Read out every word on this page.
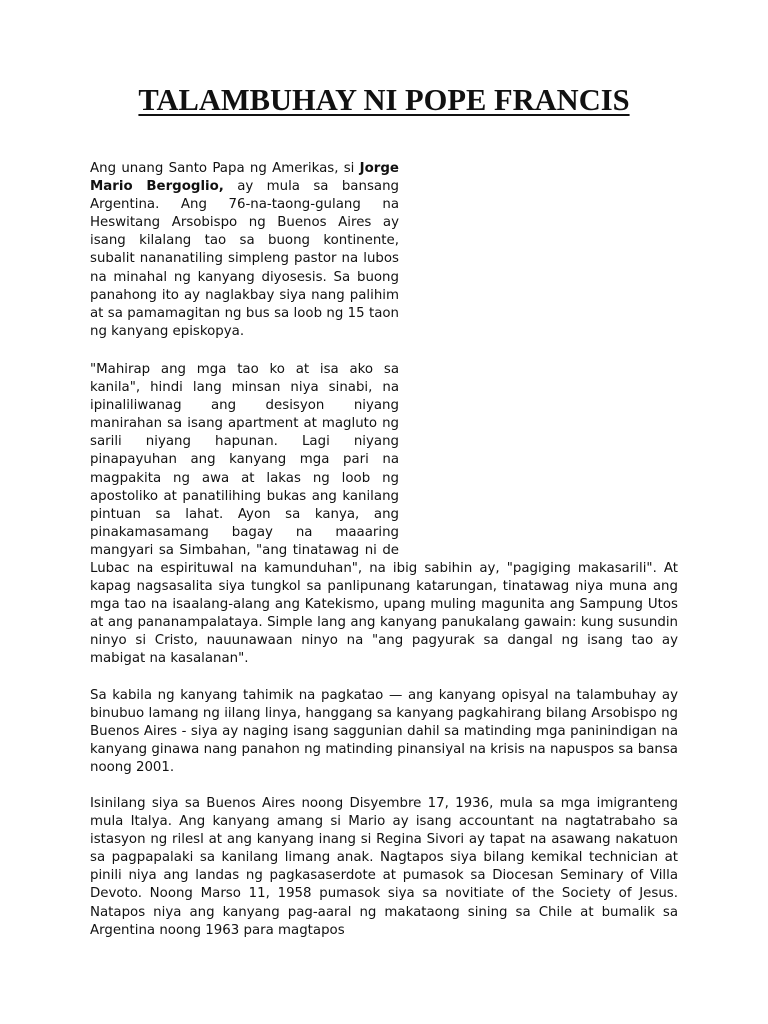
TALAMBUHAY NI POPE FRANCIS

Ang unang Santo Papa ng Amerikas, si Jorge Mario Bergoglio, ay mula sa bansang Argentina. Ang 76-na-taong-gulang na Heswitang Arsobispo ng Buenos Aires ay isang kilalang tao sa buong kontinente, subalit nananatiling simpleng pastor na lubos na minahal ng kanyang diyosesis. Sa buong panahong ito ay naglakbay siya nang palihim at sa pamamagitan ng bus sa loob ng 15 taon ng kanyang episkopya.

"Mahirap ang mga tao ko at isa ako sa kanila", hindi lang minsan niya sinabi, na ipinaliliwanag ang desisyon niyang manirahan sa isang apartment at magluto ng sarili niyang hapunan. Lagi niyang pinapayuhan ang kanyang mga pari na magpakita ng awa at lakas ng loob ng apostoliko at panatilihing bukas ang kanilang pintuan sa lahat. Ayon sa kanya, ang pinakamasamang bagay na maaaring mangyari sa Simbahan, "ang tinatawag ni de Lubac na espirituwal na kamunduhan", na ibig sabihin ay, "pagiging makasarili". At kapag nagsasalita siya tungkol sa panlipunang katarungan, tinatawag niya muna ang mga tao na isaalang-alang ang Katekismo, upang muling magunita ang Sampung Utos at ang pananampalataya. Simple lang ang kanyang panukalang gawain: kung susundin ninyo si Cristo, nauunawaan ninyo na "ang pagyurak sa dangal ng isang tao ay mabigat na kasalanan".

Sa kabila ng kanyang tahimik na pagkatao — ang kanyang opisyal na talambuhay ay binubuo lamang ng iilang linya, hanggang sa kanyang pagkahirang bilang Arsobispo ng Buenos Aires - siya ay naging isang saggunian dahil sa matinding mga paninindigan na kanyang ginawa nang panahon ng matinding pinansiyal na krisis na napuspos sa bansa noong 2001.

Isinilang siya sa Buenos Aires noong Disyembre 17, 1936, mula sa mga imigranteng mula Italya. Ang kanyang amang si Mario ay isang accountant na nagtatrabaho sa istasyon ng rilesl at ang kanyang inang si Regina Sivori ay tapat na asawang nakatuon sa pagpapalaki sa kanilang limang anak. Nagtapos siya bilang kemikal technician at pinili niya ang landas ng pagkasaserdote at pumasok sa Diocesan Seminary of Villa Devoto. Noong Marso 11, 1958 pumasok siya sa novitiate of the Society of Jesus. Natapos niya ang kanyang pag-aaral ng makataong sining sa Chile at bumalik sa Argentina noong 1963 para magtapos
